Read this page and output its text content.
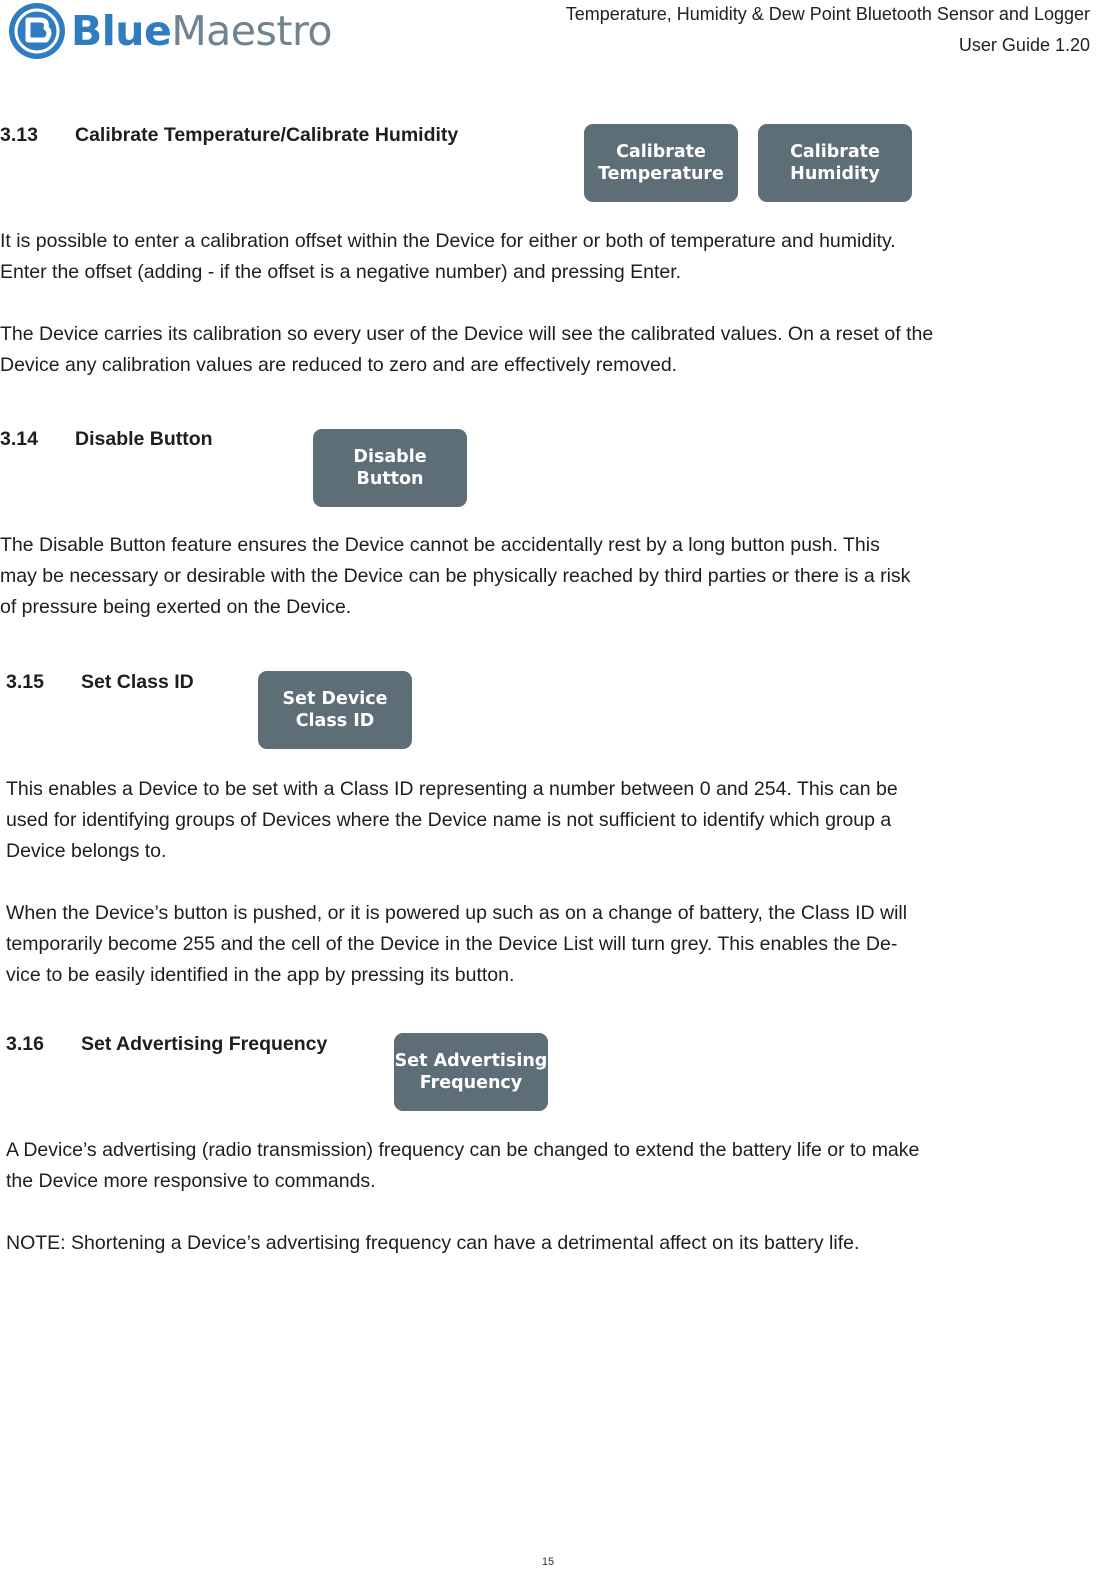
BlueMaestro	Temperature, Humidity & Dew Point Bluetooth Sensor and Logger
User Guide 1.20
3.13 Calibrate Temperature/Calibrate Humidity
Calibrate
Temperature
Calibrate
Humidity
It is possible to enter a calibration offset within the Device for either or both of temperature and humidity.
Enter the offset (adding - if the offset is a negative number) and pressing Enter.
The Device carries its calibration so every user of the Device will see the calibrated values. On a reset of the
Device any calibration values are reduced to zero and are effectively removed.
3.14 Disable Button
Disable
Button
The Disable Button feature ensures the Device cannot be accidentally rest by a long button push. This
may be necessary or desirable with the Device can be physically reached by third parties or there is a risk
of pressure being exerted on the Device.
3.15 Set Class ID
Set Device
Class ID
This enables a Device to be set with a Class ID representing a number between 0 and 254. This can be
used for identifying groups of Devices where the Device name is not sufficient to identify which group a
Device belongs to.
When the Device’s button is pushed, or it is powered up such as on a change of battery, the Class ID will
temporarily become 255 and the cell of the Device in the Device List will turn grey. This enables the De-
vice to be easily identified in the app by pressing its button.
3.16 Set Advertising Frequency
Set Advertising
Frequency
A Device’s advertising (radio transmission) frequency can be changed to extend the battery life or to make
the Device more responsive to commands.
NOTE: Shortening a Device’s advertising frequency can have a detrimental affect on its battery life.
15
